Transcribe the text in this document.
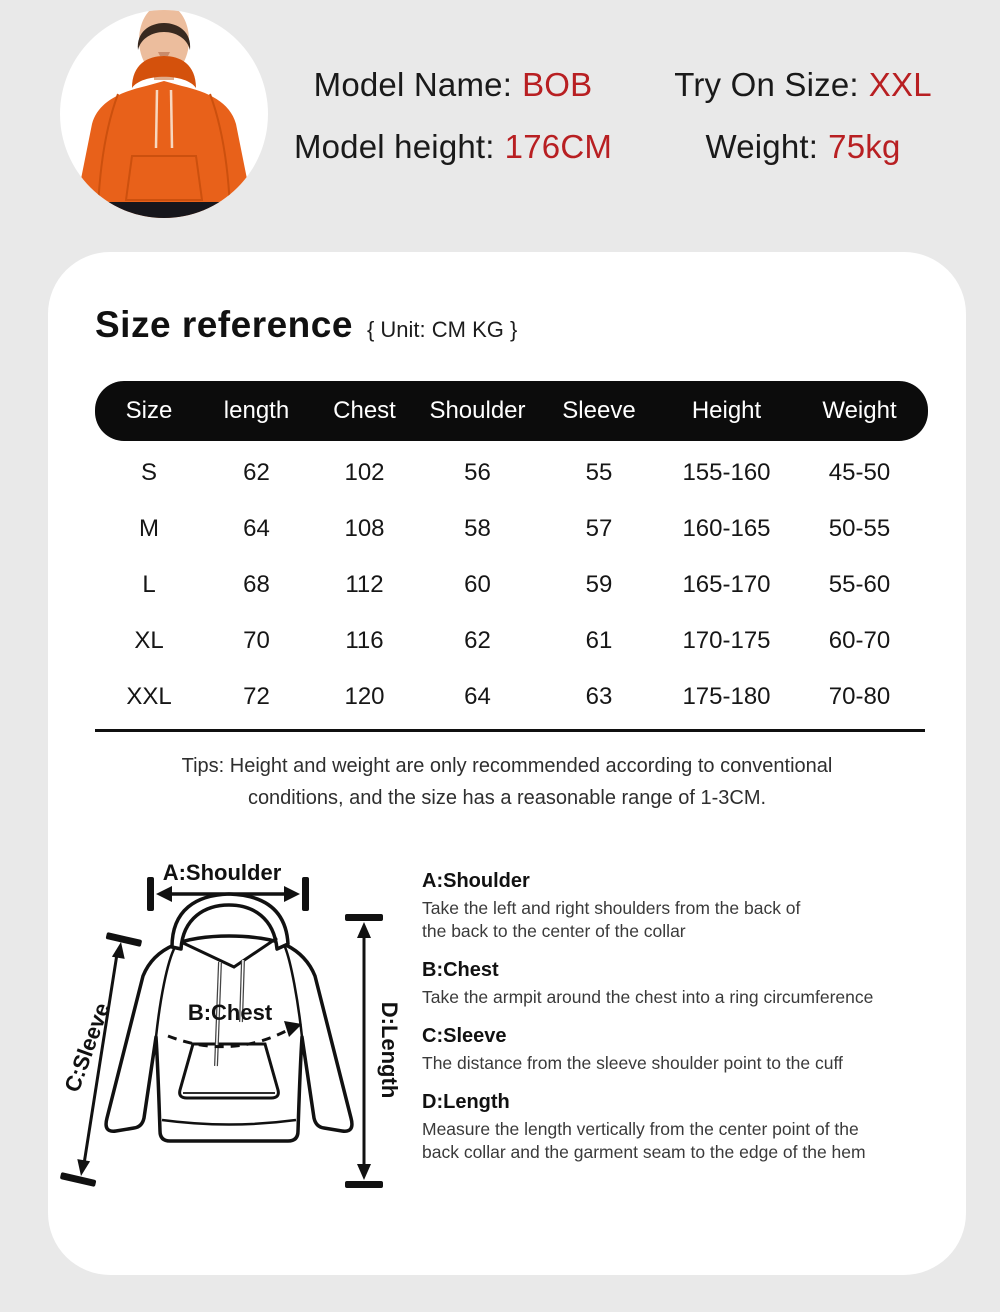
Model Name: BOB Try On Size: XXL
Model height: 176CM	Weight: 75kg
Size reference { Unit: CM KG }
Size	length	Chest	Shoulder	Sleeve	Height	Weight
S	62	102	56	55	155-160	45-50
M	64	108	58	57	160-165	50-55
L	68	112	60	59	165-170	55-60
XL	70	116	62	61	170-175	60-70
XXL	72	120	64	63	175-180	70-80

Tips: Height and weight are only recommended according to conventional
conditions, and the size has a reasonable range of 1-3CM.

A:Shoulder
B:Chest
C:Sleeve	D:Length
A:Shoulder
Take the left and right shoulders from the back of
the back to the center of the collar
B:Chest
Take the armpit around the chest into a ring circumference
C:Sleeve
The distance from the sleeve shoulder point to the cuff
D:Length
Measure the length vertically from the center point of the
back collar and the garment seam to the edge of the hem
